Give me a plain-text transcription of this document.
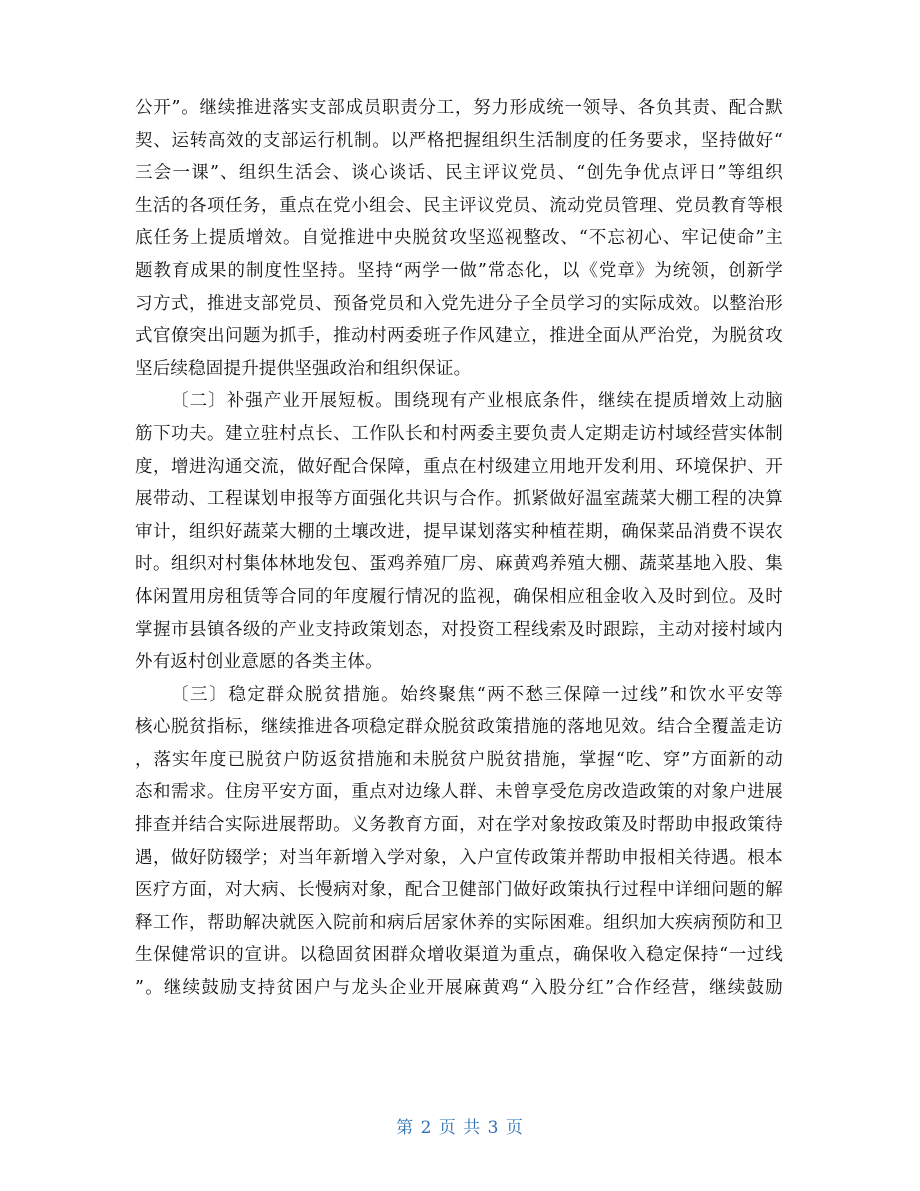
公开”。继续推进落实支部成员职责分工，努力形成统一领导、各负其责、配合默
契、运转高效的支部运行机制。以严格把握组织生活制度的任务要求，坚持做好“
三会一课”、组织生活会、谈心谈话、民主评议党员、“创先争优点评日”等组织
生活的各项任务，重点在党小组会、民主评议党员、流动党员管理、党员教育等根
底任务上提质增效。自觉推进中央脱贫攻坚巡视整改、“不忘初心、牢记使命”主
题教育成果的制度性坚持。坚持“两学一做”常态化，以《党章》为统领，创新学
习方式，推进支部党员、预备党员和入党先进分子全员学习的实际成效。以整治形
式官僚突出问题为抓手，推动村两委班子作风建立，推进全面从严治党，为脱贫攻
坚后续稳固提升提供坚强政治和组织保证。
〔二〕补强产业开展短板。围绕现有产业根底条件，继续在提质增效上动脑
筋下功夫。建立驻村点长、工作队长和村两委主要负责人定期走访村域经营实体制
度，增进沟通交流，做好配合保障，重点在村级建立用地开发利用、环境保护、开
展带动、工程谋划申报等方面强化共识与合作。抓紧做好温室蔬菜大棚工程的决算
审计，组织好蔬菜大棚的土壤改进，提早谋划落实种植茬期，确保菜品消费不误农
时。组织对村集体林地发包、蛋鸡养殖厂房、麻黄鸡养殖大棚、蔬菜基地入股、集
体闲置用房租赁等合同的年度履行情况的监视，确保相应租金收入及时到位。及时
掌握市县镇各级的产业支持政策划态，对投资工程线索及时跟踪，主动对接村域内
外有返村创业意愿的各类主体。
〔三〕稳定群众脱贫措施。始终聚焦“两不愁三保障一过线”和饮水平安等
核心脱贫指标，继续推进各项稳定群众脱贫政策措施的落地见效。结合全覆盖走访
，落实年度已脱贫户防返贫措施和未脱贫户脱贫措施，掌握“吃、穿”方面新的动
态和需求。住房平安方面，重点对边缘人群、未曾享受危房改造政策的对象户进展
排查并结合实际进展帮助。义务教育方面，对在学对象按政策及时帮助申报政策待
遇，做好防辍学；对当年新增入学对象，入户宣传政策并帮助申报相关待遇。根本
医疗方面，对大病、长慢病对象，配合卫健部门做好政策执行过程中详细问题的解
释工作，帮助解决就医入院前和病后居家休养的实际困难。组织加大疾病预防和卫
生保健常识的宣讲。以稳固贫困群众增收渠道为重点，确保收入稳定保持“一过线
”。继续鼓励支持贫困户与龙头企业开展麻黄鸡“入股分红”合作经营，继续鼓励
第 2 页 共 3 页
